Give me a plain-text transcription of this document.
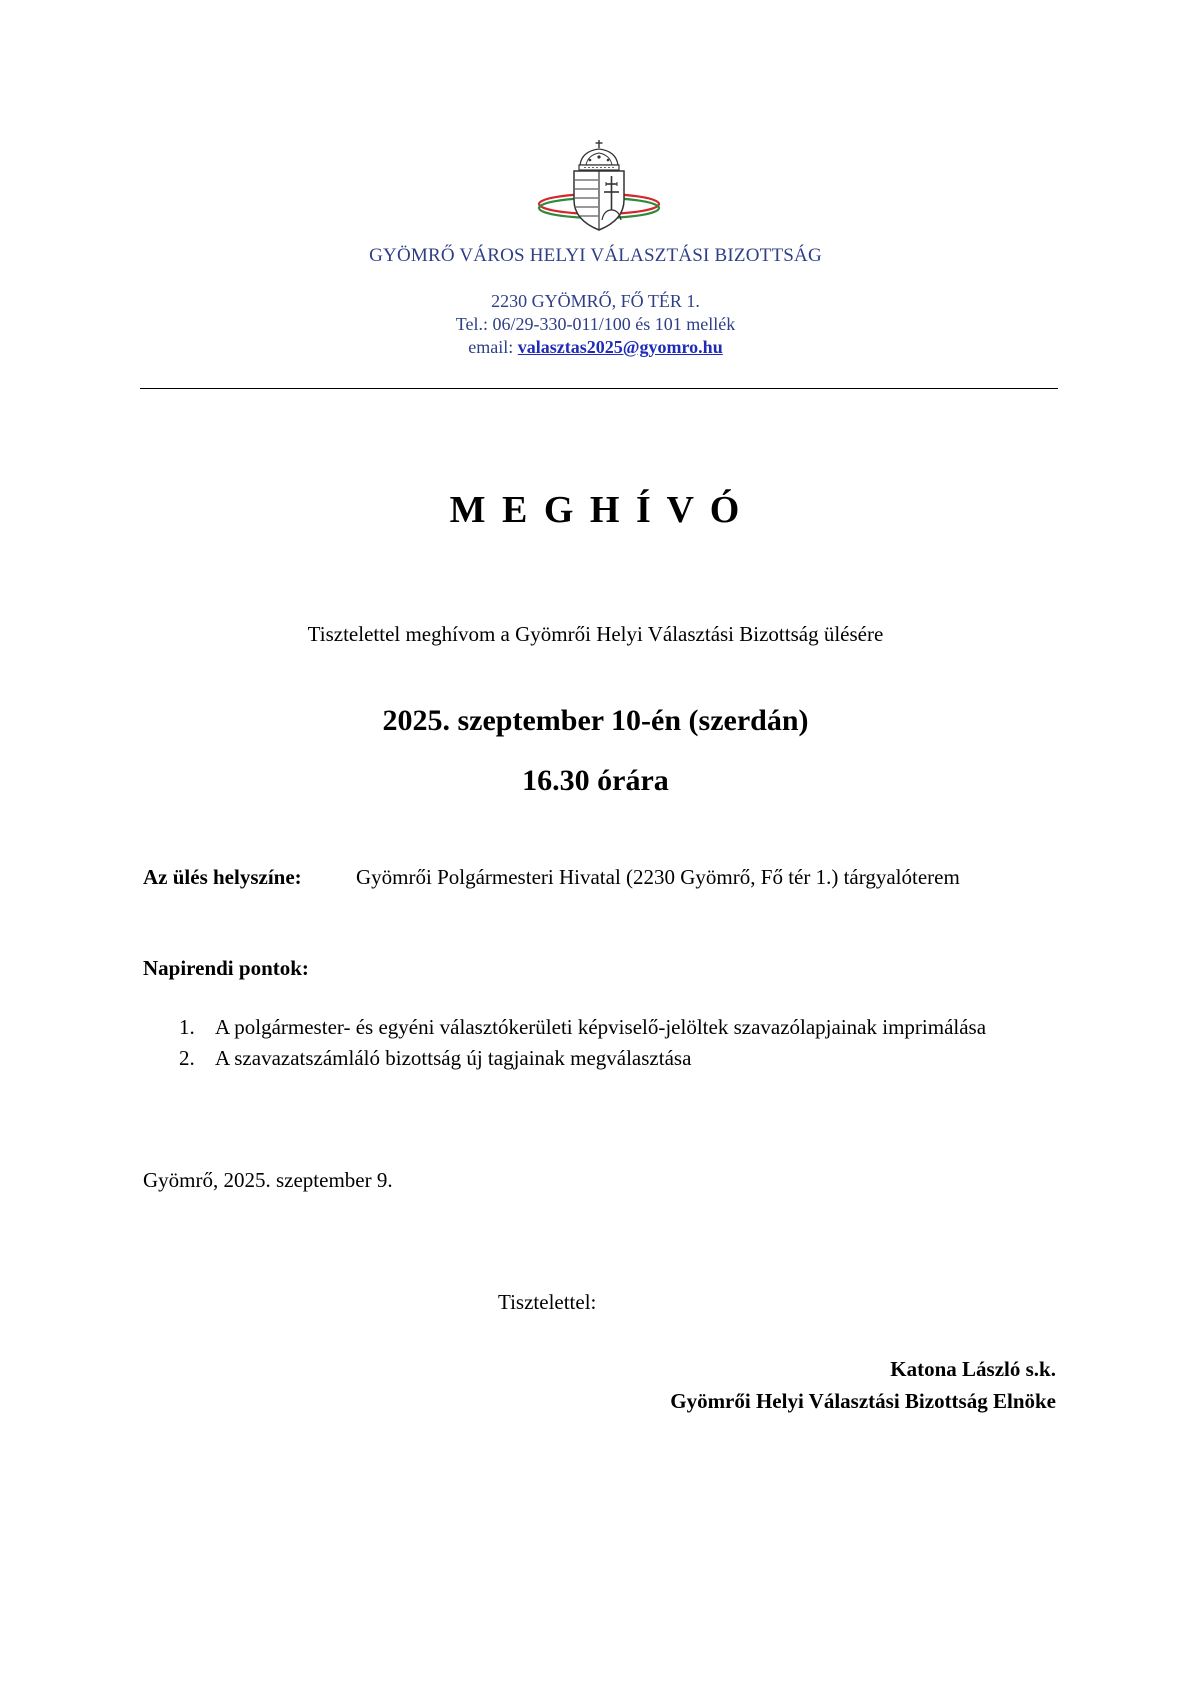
GYÖMRŐ VÁROS HELYI VÁLASZTÁSI BIZOTTSÁG
2230 GYÖMRŐ, FŐ TÉR 1.
Tel.: 06/29-330-011/100 és 101 mellék
email: valasztas2025@gyomro.hu
M E G H Í V Ó
Tisztelettel meghívom a Gyömrői Helyi Választási Bizottság ülésére
2025. szeptember 10-én (szerdán)
16.30 órára
Az ülés helyszíne:	Gyömrői Polgármesteri Hivatal (2230 Gyömrő, Fő tér 1.) tárgyalóterem
Napirendi pontok:
1. A polgármester- és egyéni választókerületi képviselő-jelöltek szavazólapjainak imprimálása
2. A szavazatszámláló bizottság új tagjainak megválasztása
Gyömrő, 2025. szeptember 9.
Tisztelettel:
Katona László s.k.
Gyömrői Helyi Választási Bizottság Elnöke
